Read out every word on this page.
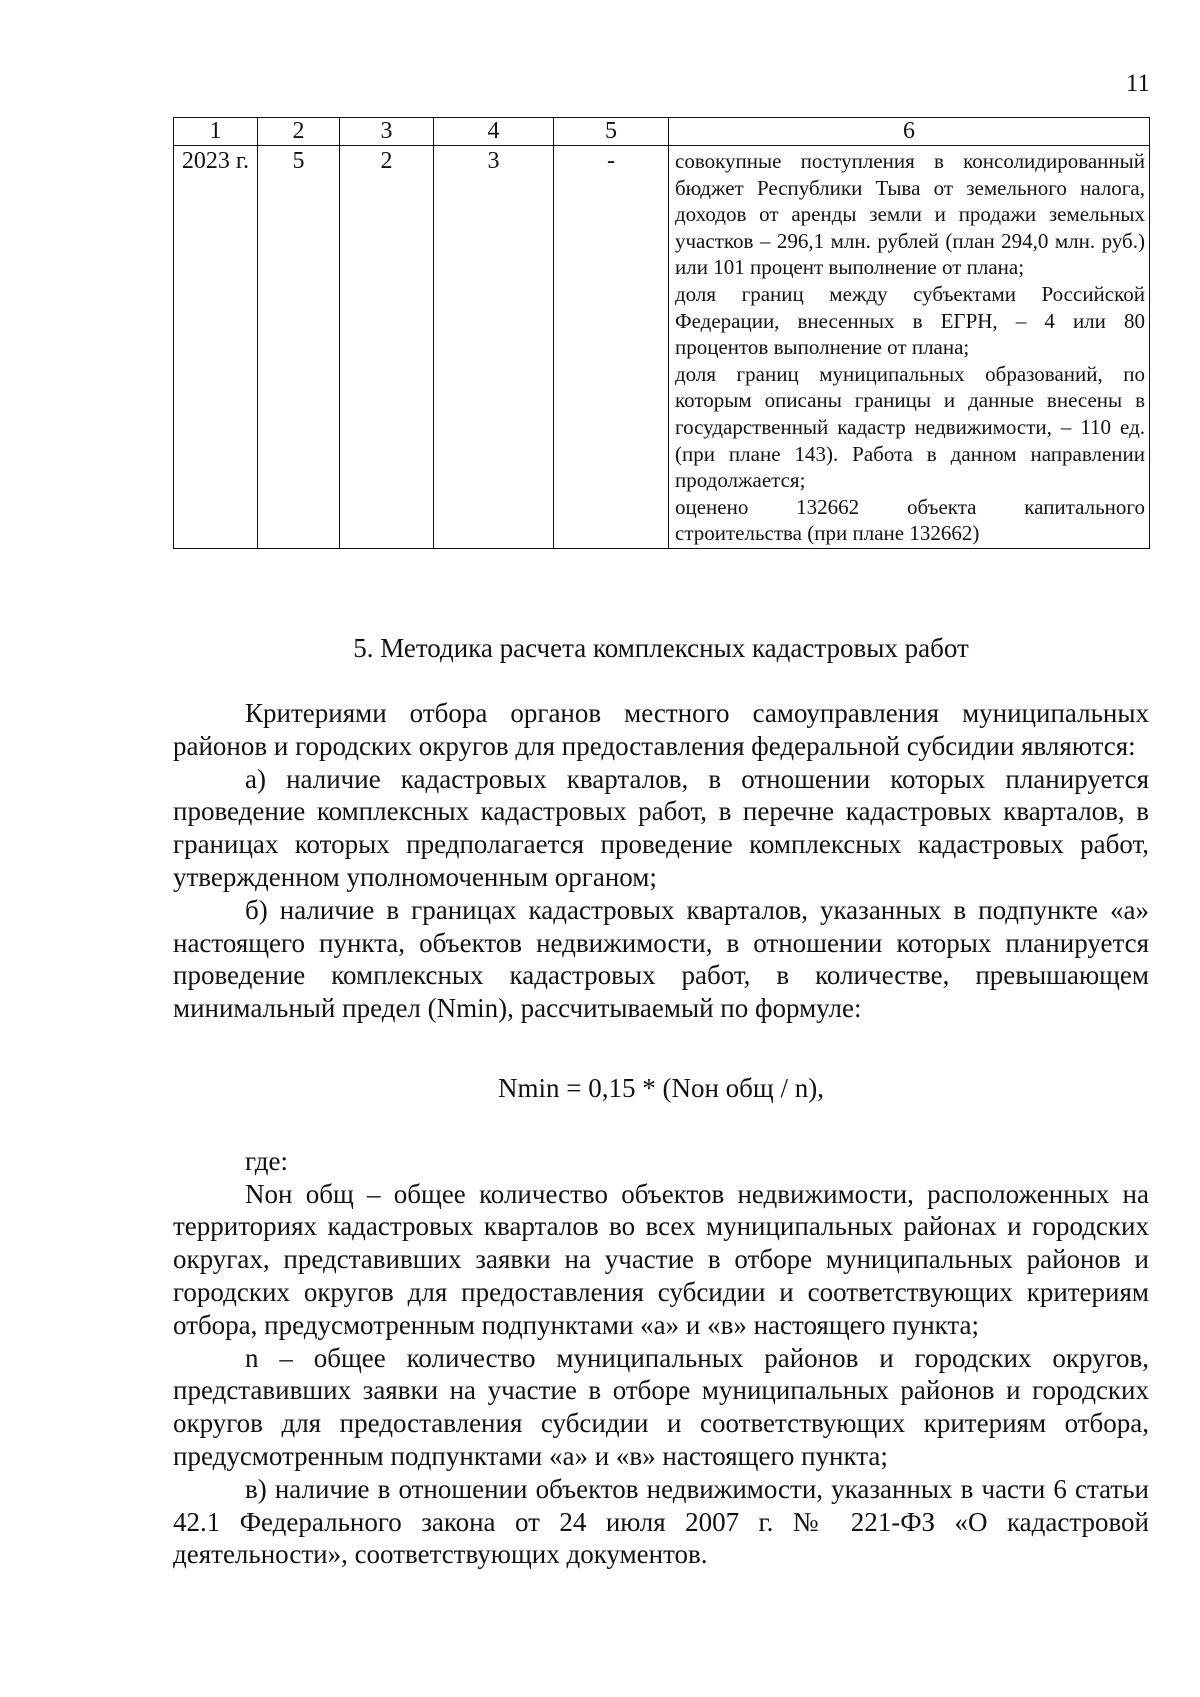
11
1	2	3	4	5	6
2023 г.	5	2	3	-	совокупные поступления в консолидированный бюджет Республики Тыва от земельного налога, доходов от аренды земли и продажи земельных участков – 296,1 млн. рублей (план 294,0 млн. руб.) или 101 процент выполнение от плана;

доля границ между субъектами Российской Федерации, внесенных в ЕГРН, – 4 или 80 процентов выполнение от плана;

доля границ муниципальных образований, по которым описаны границы и данные внесены в государственный кадастр недвижимости, – 110 ед. (при плане 143). Работа в данном направлении продолжается;

оценено 132662 объекта капитального строительства (при плане 132662)

5. Методика расчета комплексных кадастровых работ

Критериями отбора органов местного самоуправления муниципальных районов и городских округов для предоставления федеральной субсидии являются:

а) наличие кадастровых кварталов, в отношении которых планируется проведение комплексных кадастровых работ, в перечне кадастровых кварталов, в границах которых предполагается проведение комплексных кадастровых работ, утвержденном уполномоченным органом;

б) наличие в границах кадастровых кварталов, указанных в подпункте «а» настоящего пункта, объектов недвижимости, в отношении которых планируется проведение комплексных кадастровых работ, в количестве, превышающем минимальный предел (Nmin), рассчитываемый по формуле:

Nmin = 0,15 * (Nон общ / n),

где:

Nон общ – общее количество объектов недвижимости, расположенных на территориях кадастровых кварталов во всех муниципальных районах и городских округах, представивших заявки на участие в отборе муниципальных районов и городских округов для предоставления субсидии и соответствующих критериям отбора, предусмотренным подпунктами «а» и «в» настоящего пункта;

n – общее количество муниципальных районов и городских округов, представивших заявки на участие в отборе муниципальных районов и городских округов для предоставления субсидии и соответствующих критериям отбора, предусмотренным подпунктами «а» и «в» настоящего пункта;

в) наличие в отношении объектов недвижимости, указанных в части 6 статьи 42.1 Федерального закона от 24 июля 2007 г. № 221-ФЗ «О кадастровой деятельности», соответствующих документов.
